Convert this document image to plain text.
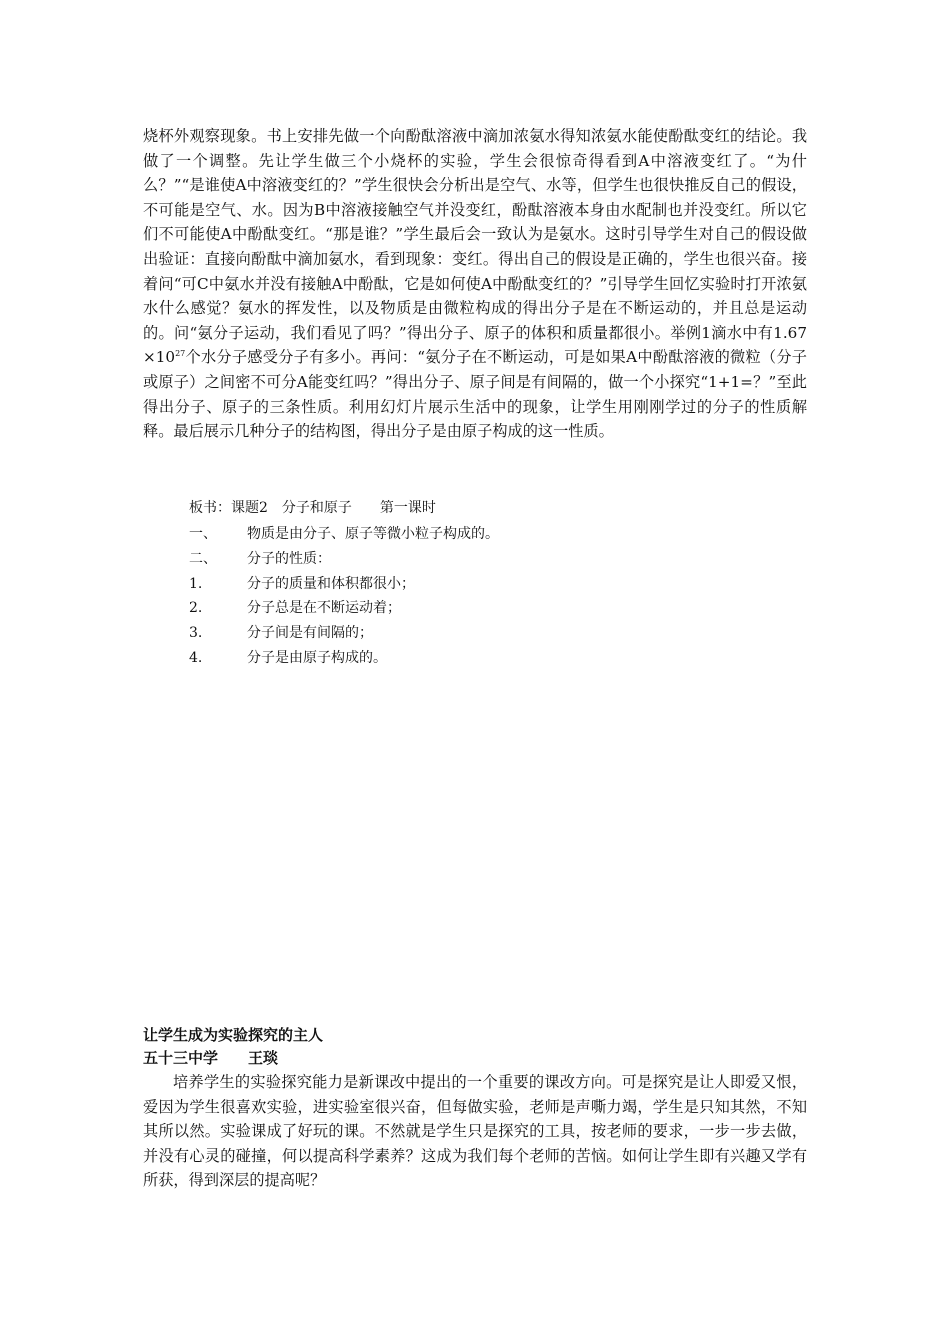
烧杯外观察现象。书上安排先做一个向酚酞溶液中滴加浓氨水得知浓氨水能使酚酞变红的结论。我做了一个调整。先让学生做三个小烧杯的实验，学生会很惊奇得看到A中溶液变红了。“为什么？”“是谁使A中溶液变红的？”学生很快会分析出是空气、水等，但学生也很快推反自己的假设，不可能是空气、水。因为B中溶液接触空气并没变红，酚酞溶液本身由水配制也并没变红。所以它们不可能使A中酚酞变红。“那是谁？”学生最后会一致认为是氨水。这时引导学生对自己的假设做出验证：直接向酚酞中滴加氨水，看到现象：变红。得出自己的假设是正确的，学生也很兴奋。接着问“可C中氨水并没有接触A中酚酞，它是如何使A中酚酞变红的？”引导学生回忆实验时打开浓氨水什么感觉？氨水的挥发性，以及物质是由微粒构成的得出分子是在不断运动的，并且总是运动的。问“氨分子运动，我们看见了吗？”得出分子、原子的体积和质量都很小。举例1滴水中有$1.67\times 10^{27}$个水分子感受分子有多小。再问：“氨分子在不断运动，可是如果A中酚酞溶液的微粒（分子或原子）之间密不可分A能变红吗？”得出分子、原子间是有间隔的，做一个小探究“1+1=？”至此得出分子、原子的三条性质。利用幻灯片展示生活中的现象，让学生用刚刚学过的分子的性质解释。最后展示几种分子的结构图，得出分子是由原子构成的这一性质。

板书：课题2　分子和原子　　第一课时
一、 物质是由分子、原子等微小粒子构成的。
二、 分子的性质：
1.	分子的质量和体积都很小；
2.	分子总是在不断运动着；
3.	分子间是有间隔的；
4.	分子是由原子构成的。
让学生成为实验探究的主人
五十三中学　　王琰

培养学生的实验探究能力是新课改中提出的一个重要的课改方向。可是探究是让人即爱又恨，爱因为学生很喜欢实验，进实验室很兴奋，但每做实验，老师是声嘶力竭，学生是只知其然，不知其所以然。实验课成了好玩的课。不然就是学生只是探究的工具，按老师的要求，一步一步去做，并没有心灵的碰撞，何以提高科学素养？这成为我们每个老师的苦恼。如何让学生即有兴趣又学有所获，得到深层的提高呢？
